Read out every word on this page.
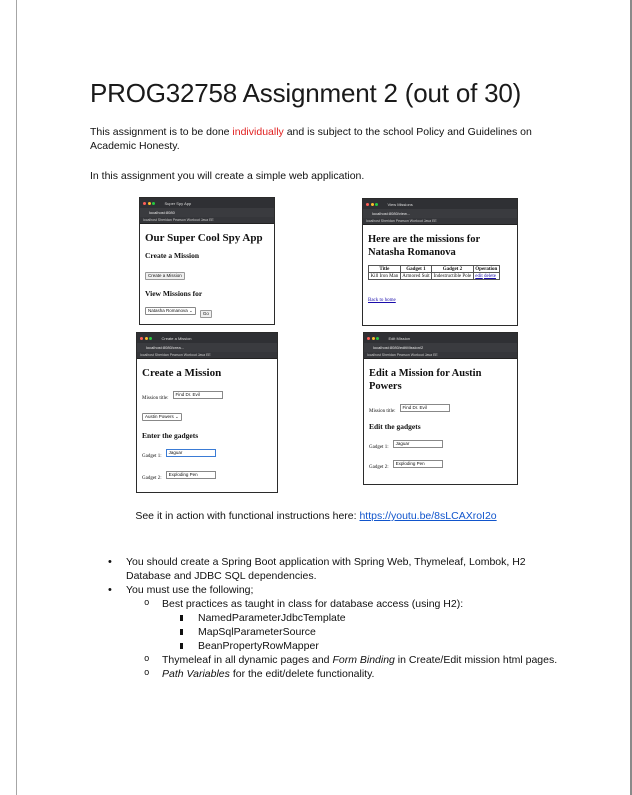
PROG32758 Assignment 2 (out of 30)
This assignment is to be done individually and is subject to the school Policy and Guidelines on Academic Honesty.
In this assignment you will create a simple web application.
Super Spy App
localhost:8080
localhost Sheridan Pearson Workout Java EE
Our Super Cool Spy App
Create a Mission
Create a Mission
View Missions for
Natasha Romanova ⌄ Go
View Missions
localhost:8080/view...
localhost Sheridan Pearson Workout Java EE
Here are the missions for Natasha Romanova
Title	Gadget 1	Gadget 2	Operation
Kill Iron Man	Armored Suit	Indestructible Pole	edit delete
Back to home
Create a Mission
localhost:8080/crea...
localhost Sheridan Pearson Workout Java EE
Create a Mission
Mission title: Find Dr. Evil
Austin Powers ⌄
Enter the gadgets
Gadget 1: Jaguar
Gadget 2: Exploding Pen
Edit Mission
localhost:8080/editMission/2
localhost Sheridan Pearson Workout Java EE
Edit a Mission for Austin Powers
Mission title: Find Dr. Evil
Edit the gadgets
Gadget 1: Jaguar
Gadget 2: Exploding Pen
See it in action with functional instructions here: https://youtu.be/8sLCAXroI2o
• You should create a Spring Boot application with Spring Web, Thymeleaf, Lombok, H2 Database and JDBC SQL dependencies.
• You must use the following;
o Best practices as taught in class for database access (using H2):
NamedParameterJdbcTemplate
MapSqlParameterSource
BeanPropertyRowMapper
o Thymeleaf in all dynamic pages and Form Binding in Create/Edit mission html pages.
o Path Variables for the edit/delete functionality.
